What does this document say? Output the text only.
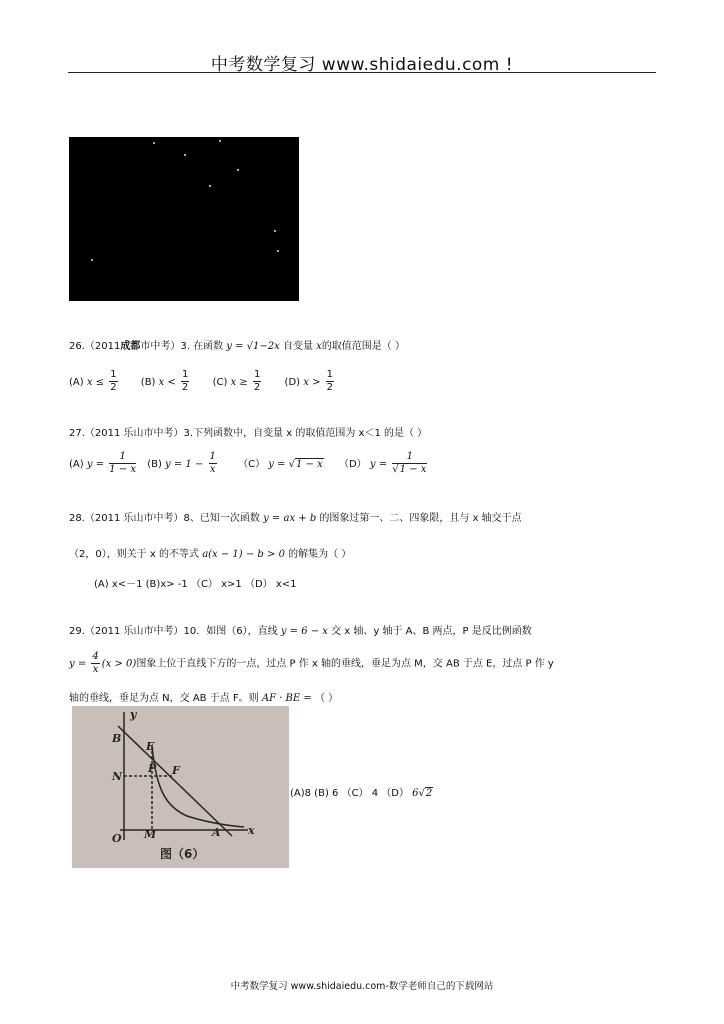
中考数学复习 www.shidaiedu.com !
26.（2011成都市中考）3. 在函数 y = √1−2x 自变量 x的取值范围是（ ）
(A) $x \le \frac{1}{2} (B) x < \frac{1}{2} (C) x \ge \frac{1}{2} (D) x > \frac{1}{2}$
27.（2011 乐山市中考）3.下列函数中，自变量 x 的取值范围为 x＜1 的是（ ）
(A) $y = \frac{1}{1 - x} (B) y = 1 - \frac{1}{x} (C) y = √1 - x$ （D） $y = \frac{1}{√1 - x}$
28.（2011 乐山市中考）8、已知一次函数 y = ax + b 的图象过第一、二、四象限，且与 x 轴交于点
（2，0），则关于 x 的不等式 a(x − 1) − b > 0 的解集为（ ）
(A) x<－1 (B)x> -1 （C） x>1 （D） x<1
29.（2011 乐山市中考）10．如图（6），直线 y = 6 − x 交 x 轴、y 轴于 A、B 两点，P 是反比例函数
$y = \frac{4}{x} (x > 0)$图象上位于直线下方的一点，过点 P 作 x 轴的垂线，垂足为点 M，交 AB 于点 E，过点 P 作 y
轴的垂线，垂足为点 N，交 AB 于点 F。则 AF · BE = （ ）
y
B
E
N
P F
O M	A x
图（6）
(A)8 (B) 6 （C） 4 （D） 6√2
中考数学复习 www.shidaiedu.com-数学老师自己的下载网站
